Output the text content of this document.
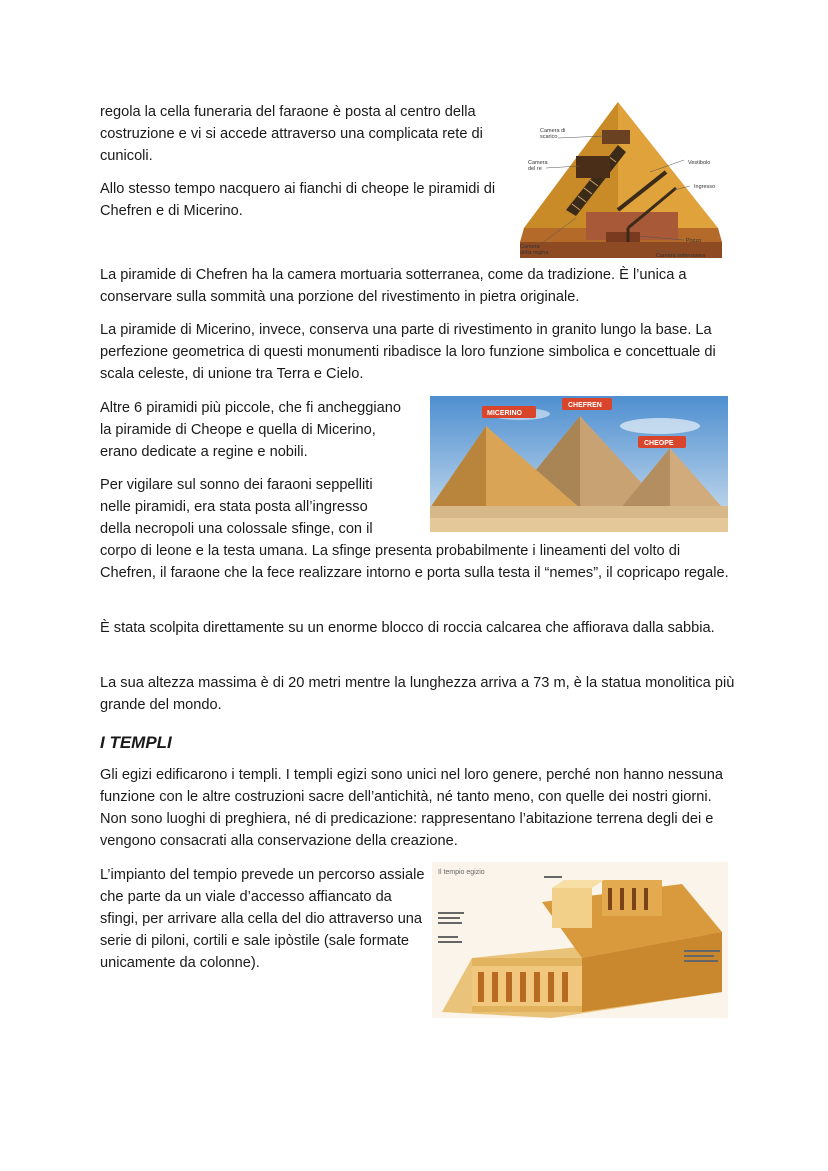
regola la cella funeraria del faraone è posta al centro della costruzione e vi si accede attraverso una complicata rete di cunicoli.

Allo stesso tempo nacquero ai fianchi di cheope le piramidi di Chefren e di Micerino.

Camera di
scarico
Camera
del re
Vestibolo
Ingresso
Pozzo
Camera
della regina	Camera sotterranea

La piramide di Chefren ha la camera mortuaria sotterranea, come da tradizione. È l’unica a conservare sulla sommità una porzione del rivestimento in pietra originale.

La piramide di Micerino, invece, conserva una parte di rivestimento in granito lungo la base. La perfezione geometrica di questi monumenti ribadisce la loro funzione simbolica e concettuale di scala celeste, di unione tra Terra e Cielo.

Altre 6 piramidi più piccole, che fi ancheggiano la piramide di Cheope e quella di Micerino, erano dedicate a regine e nobili.

Per vigilare sul sonno dei faraoni seppelliti nelle piramidi, era stata posta all’ingresso della necropoli una colossale sfinge, con il

MICERINO
CHEFREN
CHEOPE

corpo di leone e la testa umana. La sfinge presenta probabilmente i lineamenti del volto di Chefren, il faraone che la fece realizzare intorno e porta sulla testa il “nemes”, il copricapo regale.

È stata scolpita direttamente su un enorme blocco di roccia calcarea che affiorava dalla sabbia.

La sua altezza massima è di 20 metri mentre la lunghezza arriva a 73 m, è la statua monolitica più grande del mondo.

I TEMPLI

Gli egizi edificarono i templi. I templi egizi sono unici nel loro genere, perché non hanno nessuna funzione con le altre costruzioni sacre dell’antichità, né tanto meno, con quelle dei nostri giorni. Non sono luoghi di preghiera, né di predicazione: rappresentano l’abitazione terrena degli dei e vengono consacrati alla conservazione della creazione.

L’impianto del tempio prevede un percorso assiale che parte da un viale d’accesso affiancato da sfingi, per arrivare alla cella del dio attraverso una serie di piloni, cortili e sale ipòstile (sale formate unicamente da colonne).

Il tempio egizio
